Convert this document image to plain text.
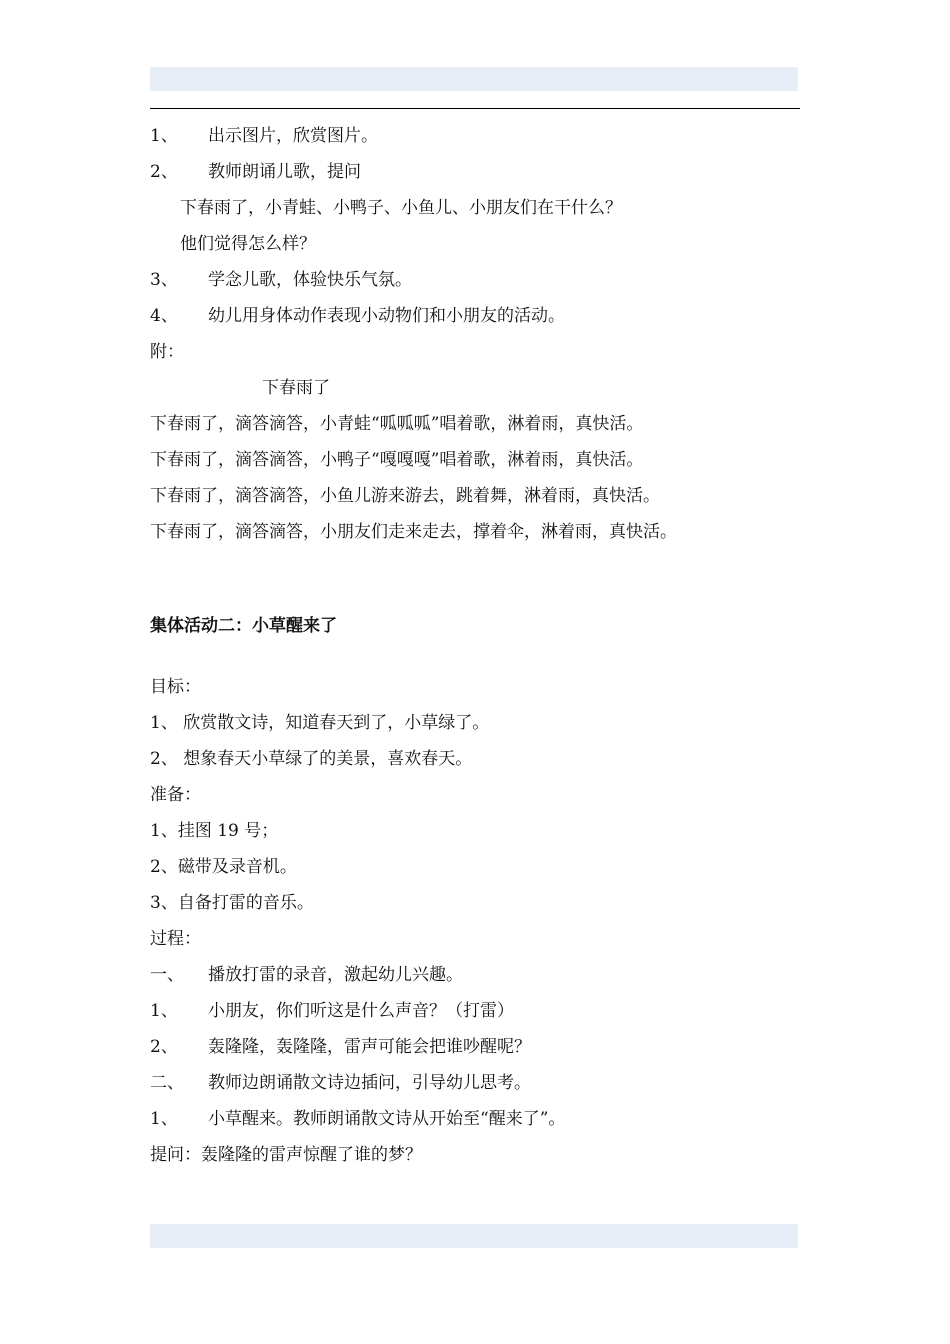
1、 出示图片，欣赏图片。
2、 教师朗诵儿歌，提问
下春雨了，小青蛙、小鸭子、小鱼儿、小朋友们在干什么？
他们觉得怎么样？
3、 学念儿歌，体验快乐气氛。
4、 幼儿用身体动作表现小动物们和小朋友的活动。
附：
下春雨了
下春雨了，滴答滴答，小青蛙“呱呱呱”唱着歌，淋着雨，真快活。
下春雨了，滴答滴答，小鸭子“嘎嘎嘎”唱着歌，淋着雨，真快活。
下春雨了，滴答滴答，小鱼儿游来游去，跳着舞，淋着雨，真快活。
下春雨了，滴答滴答，小朋友们走来走去，撑着伞，淋着雨，真快活。
集体活动二：小草醒来了
目标：
1、 欣赏散文诗，知道春天到了，小草绿了。
2、 想象春天小草绿了的美景，喜欢春天。
准备：
1、挂图 19 号；
2、磁带及录音机。
3、自备打雷的音乐。
过程：
一、 播放打雷的录音，激起幼儿兴趣。
1、 小朋友，你们听这是什么声音？（打雷）
2、 轰隆隆，轰隆隆，雷声可能会把谁吵醒呢？
二、 教师边朗诵散文诗边插问，引导幼儿思考。
1、 小草醒来。教师朗诵散文诗从开始至“醒来了”。
提问：轰隆隆的雷声惊醒了谁的梦？
